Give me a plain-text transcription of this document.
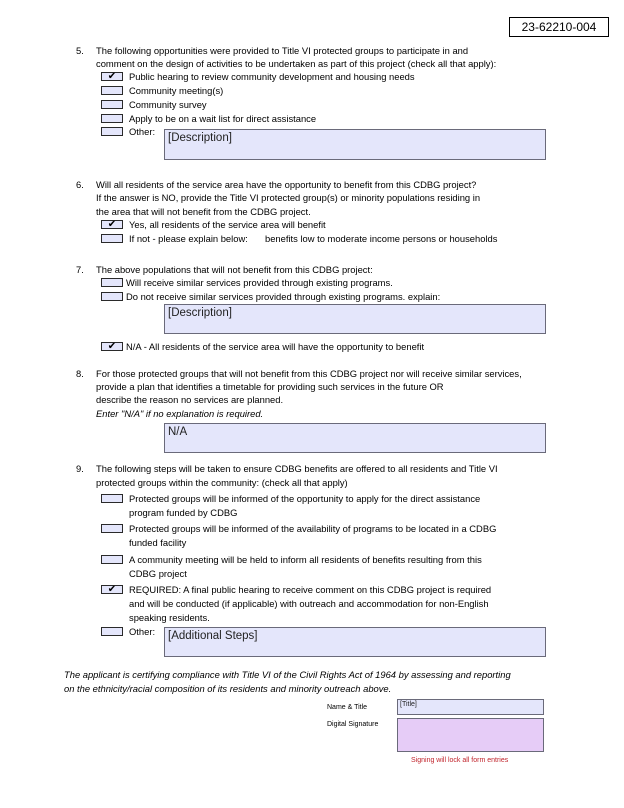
23-62210-004
5. The following opportunities were provided to Title VI protected groups to participate in and
comment on the design of activities to be undertaken as part of this project (check all that apply):
✔	Public hearing to review community development and housing needs
Community meeting(s)
Community survey
Apply to be on a wait list for direct assistance
Other:
[Description]
6. Will all residents of the service area have the opportunity to benefit from this CDBG project?
If the answer is NO, provide the Title VI protected group(s) or minority populations residing in
the area that will not benefit from the CDBG project.
✔	Yes, all residents of the service area will benefit
If not - please explain below: benefits low to moderate income persons or households
7. The above populations that will not benefit from this CDBG project:
Will receive similar services provided through existing programs.
Do not receive similar services provided through existing programs. explain:
[Description]
✔	N/A - All residents of the service area will have the opportunity to benefit
8. For those protected groups that will not benefit from this CDBG project nor will receive similar services,
provide a plan that identifies a timetable for providing such services in the future OR
describe the reason no services are planned.
Enter "N/A" if no explanation is required.
N/A
9. The following steps will be taken to ensure CDBG benefits are offered to all residents and Title VI
protected groups within the community: (check all that apply)
Protected groups will be informed of the opportunity to apply for the direct assistance
program funded by CDBG
Protected groups will be informed of the availability of programs to be located in a CDBG
funded facility
A community meeting will be held to inform all residents of benefits resulting from this
CDBG project
✔	REQUIRED: A final public hearing to receive comment on this CDBG project is required
and will be conducted (if applicable) with outreach and accommodation for non-English
speaking residents.
Other:	[Additional Steps]
The applicant is certifying compliance with Title VI of the Civil Rights Act of 1964 by assessing and reporting
on the ethnicity/racial composition of its residents and minority outreach above.
Name & Title	[Title]
Digital Signature
Signing will lock all form entries
